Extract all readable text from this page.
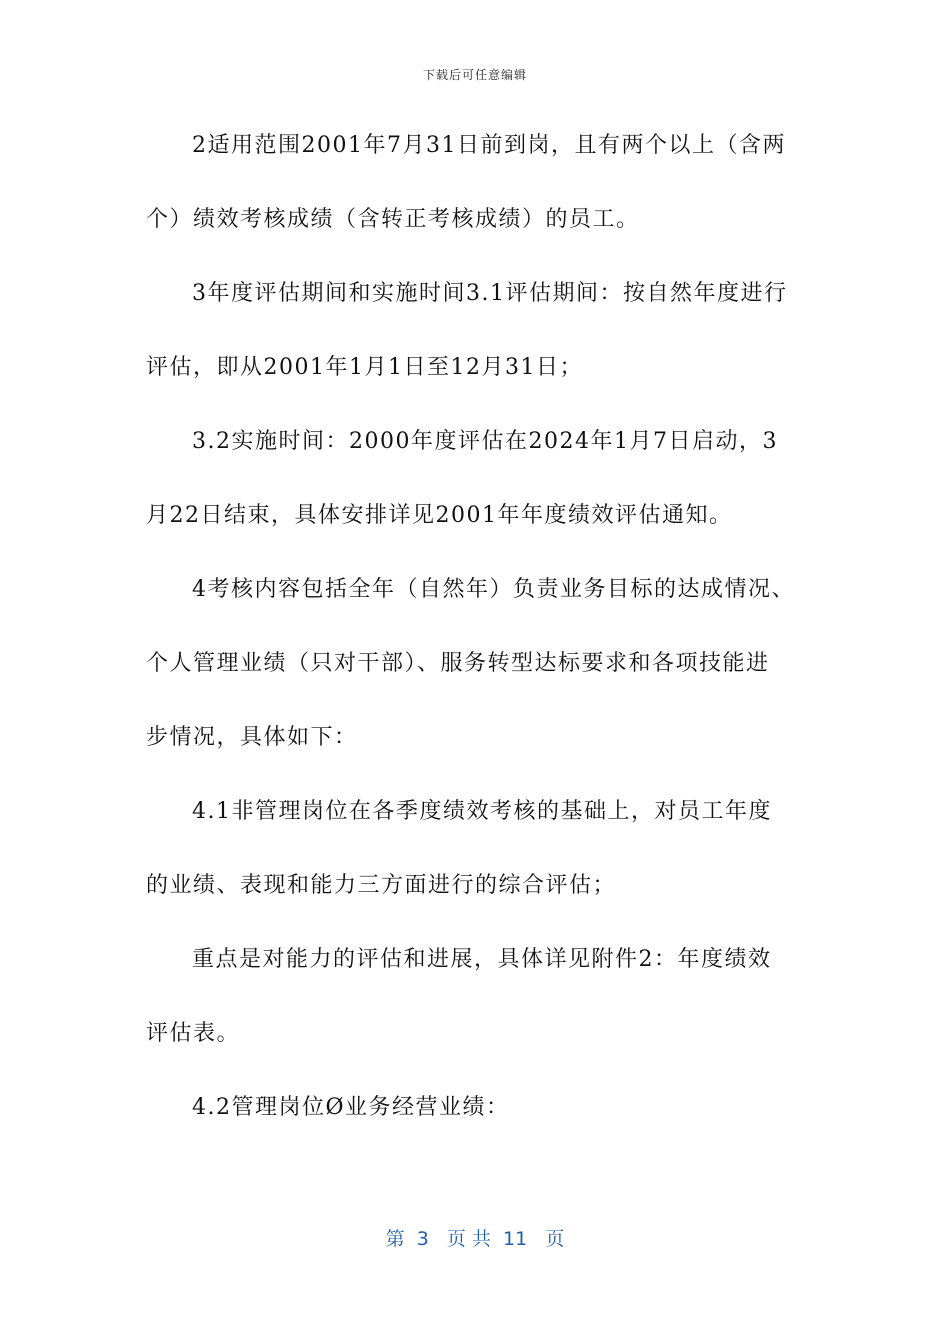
下载后可任意编辑
2适用范围2001年7月31日前到岗，且有两个以上（含两
个）绩效考核成绩（含转正考核成绩）的员工。
3年度评估期间和实施时间3.1评估期间：按自然年度进行
评估，即从2001年1月1日至12月31日；
3.2实施时间：2000年度评估在2024年1月7日启动，3
月22日结束，具体安排详见2001年年度绩效评估通知。
4考核内容包括全年（自然年）负责业务目标的达成情况、
个人管理业绩（只对干部）、服务转型达标要求和各项技能进
步情况，具体如下：
4.1非管理岗位在各季度绩效考核的基础上，对员工年度
的业绩、表现和能力三方面进行的综合评估；
重点是对能力的评估和进展，具体详见附件2：年度绩效
评估表。
4.2管理岗位Ø业务经营业绩：
第  3   页 共  11   页
